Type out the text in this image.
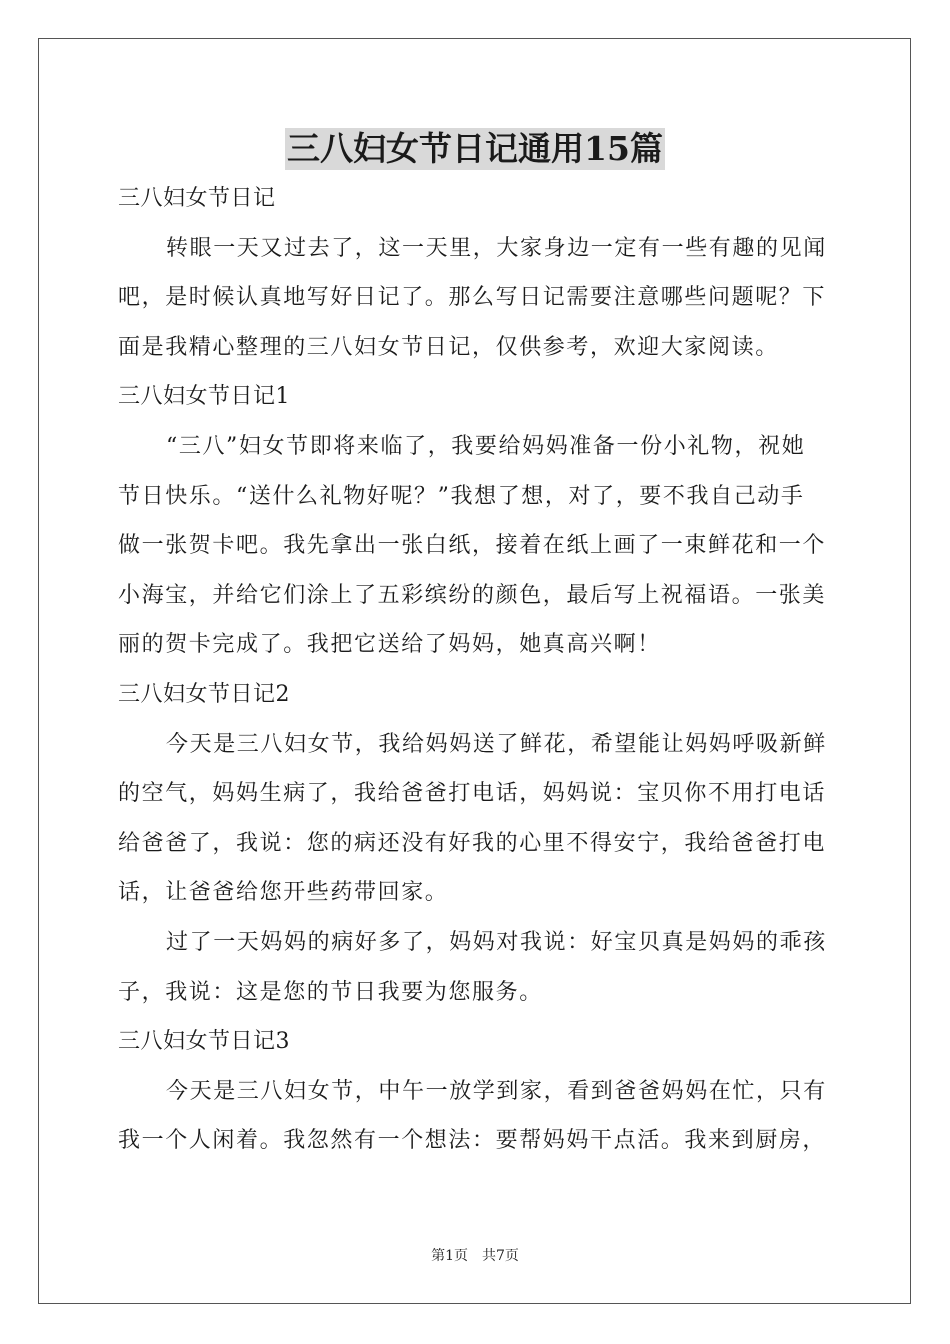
三八妇女节日记通用15篇
三八妇女节日记
转眼一天又过去了，这一天里，大家身边一定有一些有趣的见闻
吧，是时候认真地写好日记了。那么写日记需要注意哪些问题呢？下
面是我精心整理的三八妇女节日记，仅供参考，欢迎大家阅读。
三八妇女节日记1
“三八”妇女节即将来临了，我要给妈妈准备一份小礼物，祝她
节日快乐。“送什么礼物好呢？”我想了想，对了，要不我自己动手
做一张贺卡吧。我先拿出一张白纸，接着在纸上画了一束鲜花和一个
小海宝，并给它们涂上了五彩缤纷的颜色，最后写上祝福语。一张美
丽的贺卡完成了。我把它送给了妈妈，她真高兴啊！
三八妇女节日记2
今天是三八妇女节，我给妈妈送了鲜花，希望能让妈妈呼吸新鲜
的空气，妈妈生病了，我给爸爸打电话，妈妈说：宝贝你不用打电话
给爸爸了，我说：您的病还没有好我的心里不得安宁，我给爸爸打电
话，让爸爸给您开些药带回家。
过了一天妈妈的病好多了，妈妈对我说：好宝贝真是妈妈的乖孩
子，我说：这是您的节日我要为您服务。
三八妇女节日记3
今天是三八妇女节，中午一放学到家，看到爸爸妈妈在忙，只有
我一个人闲着。我忽然有一个想法：要帮妈妈干点活。我来到厨房，
第1页 共7页
